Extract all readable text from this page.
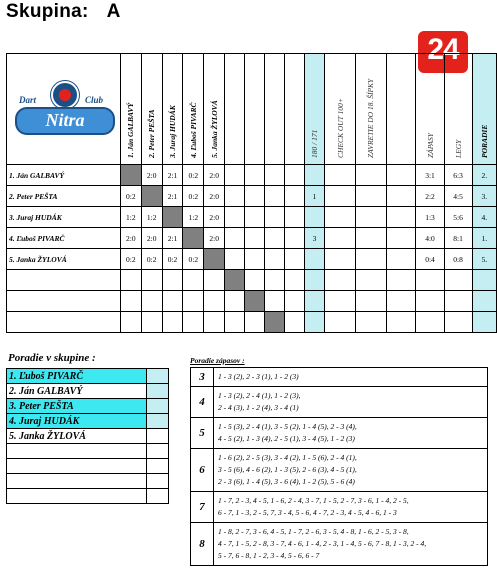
Skupina: A
24
Dart Club
Nitra	1. Ján GALBAVÝ	2. Peter PEŠTA	3. Juraj HUDÁK	4. Ľuboš PIVARČ	5. Janka ŽYLOVÁ					180 / 171	CHECK OUT 100+	ZAVRETIE DO 18. ŠÍPKY		ZÁPASY	LEGY	PORADIE
1. Ján GALBAVÝ		2:0	2:1	0:2	2:0									3:1	6:3	2.
2. Peter PEŠTA	0:2		2:1	0:2	2:0					1				2:2	4:5	3.
3. Juraj HUDÁK	1:2	1:2		1:2	2:0									1:3	5:6	4.
4. Ľuboš PIVARČ	2:0	2:0	2:1		2:0					3				4:0	8:1	1.
5. Janka ŽYLOVÁ	0:2	0:2	0:2	0:2										0:4	0:8	5.

Poradie v skupine :
1. Ľuboš PIVARČ	
2. Ján GALBAVÝ	
3. Peter PEŠTA	
4. Juraj HUDÁK	
5. Janka ŽYLOVÁ	

Poradie zápasov :
3	1 - 3 (2), 2 - 3 (1), 1 - 2 (3)

4	1 - 3 (2), 2 - 4 (1), 1 - 2 (3),
2 - 4 (3), 1 - 2 (4), 3 - 4 (1)

5	1 - 5 (3), 2 - 4 (1), 3 - 5 (2), 1 - 4 (5), 2 - 3 (4),
4 - 5 (2), 1 - 3 (4), 2 - 5 (1), 3 - 4 (5), 1 - 2 (3)

6	1 - 6 (2), 2 - 5 (3), 3 - 4 (2), 1 - 5 (6), 2 - 4 (1),
3 - 5 (6), 4 - 6 (2), 1 - 3 (5), 2 - 6 (3), 4 - 5 (1),
2 - 3 (6), 1 - 4 (5), 3 - 6 (4), 1 - 2 (5), 5 - 6 (4)

7	1 - 7, 2 - 3, 4 - 5, 1 - 6, 2 - 4, 3 - 7, 1 - 5, 2 - 7, 3 - 6, 1 - 4, 2 - 5,
6 - 7, 1 - 3, 2 - 5, 7, 3 - 4, 5 - 6, 4 - 7, 2 - 3, 4 - 5, 4 - 6, 1 - 3

8	1 - 8, 2 - 7, 3 - 6, 4 - 5, 1 - 7, 2 - 6, 3 - 5, 4 - 8, 1 - 6, 2 - 5, 3 - 8,
4 - 7, 1 - 5, 2 - 8, 3 - 7, 4 - 6, 1 - 4, 2 - 3, 1 - 4, 5 - 6, 7 - 8, 1 - 3, 2 - 4,
5 - 7, 6 - 8, 1 - 2, 3 - 4, 5 - 6, 6 - 7
